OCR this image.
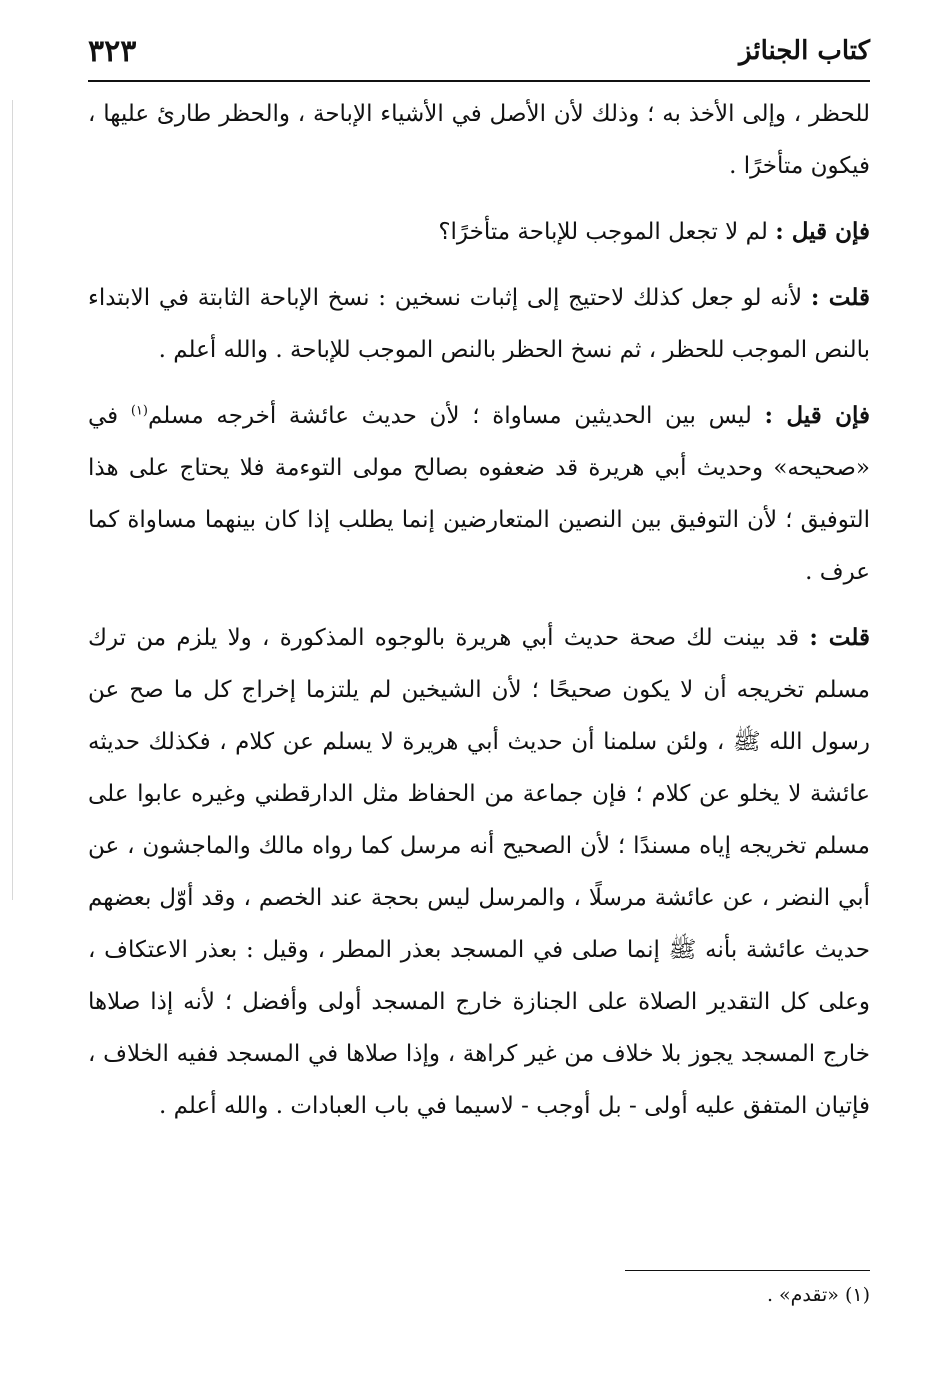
كتاب الجنائز
٣٢٣

للحظر ، وإلى الأخذ به ؛ وذلك لأن الأصل في الأشياء الإباحة ، والحظر طارئ عليها ، فيكون متأخرًا .

فإن قيل : لم لا تجعل الموجب للإباحة متأخرًا؟

قلت : لأنه لو جعل كذلك لاحتيج إلى إثبات نسخين : نسخ الإباحة الثابتة في الابتداء بالنص الموجب للحظر ، ثم نسخ الحظر بالنص الموجب للإباحة . والله أعلم .

فإن قيل : ليس بين الحديثين مساواة ؛ لأن حديث عائشة أخرجه مسلم$^{(١)}$ في «صحيحه» وحديث أبي هريرة قد ضعفوه بصالح مولى التوءمة فلا يحتاج على هذا التوفيق ؛ لأن التوفيق بين النصين المتعارضين إنما يطلب إذا كان بينهما مساواة كما عرف .

قلت : قد بينت لك صحة حديث أبي هريرة بالوجوه المذكورة ، ولا يلزم من ترك مسلم تخريجه أن لا يكون صحيحًا ؛ لأن الشيخين لم يلتزما إخراج كل ما صح عن رسول الله ﷺ ، ولئن سلمنا أن حديث أبي هريرة لا يسلم عن كلام ، فكذلك حديثه عائشة لا يخلو عن كلام ؛ فإن جماعة من الحفاظ مثل الدارقطني وغيره عابوا على مسلم تخريجه إياه مسندًا ؛ لأن الصحيح أنه مرسل كما رواه مالك والماجشون ، عن أبي النضر ، عن عائشة مرسلًا ، والمرسل ليس بحجة عند الخصم ، وقد أوّل بعضهم حديث عائشة بأنه ﷺ إنما صلى في المسجد بعذر المطر ، وقيل : بعذر الاعتكاف ، وعلى كل التقدير الصلاة على الجنازة خارج المسجد أولى وأفضل ؛ لأنه إذا صلاها خارج المسجد يجوز بلا خلاف من غير كراهة ، وإذا صلاها في المسجد ففيه الخلاف ، فإتيان المتفق عليه أولى - بل أوجب - لاسيما في باب العبادات . والله أعلم .

(١) «تقدم» .
